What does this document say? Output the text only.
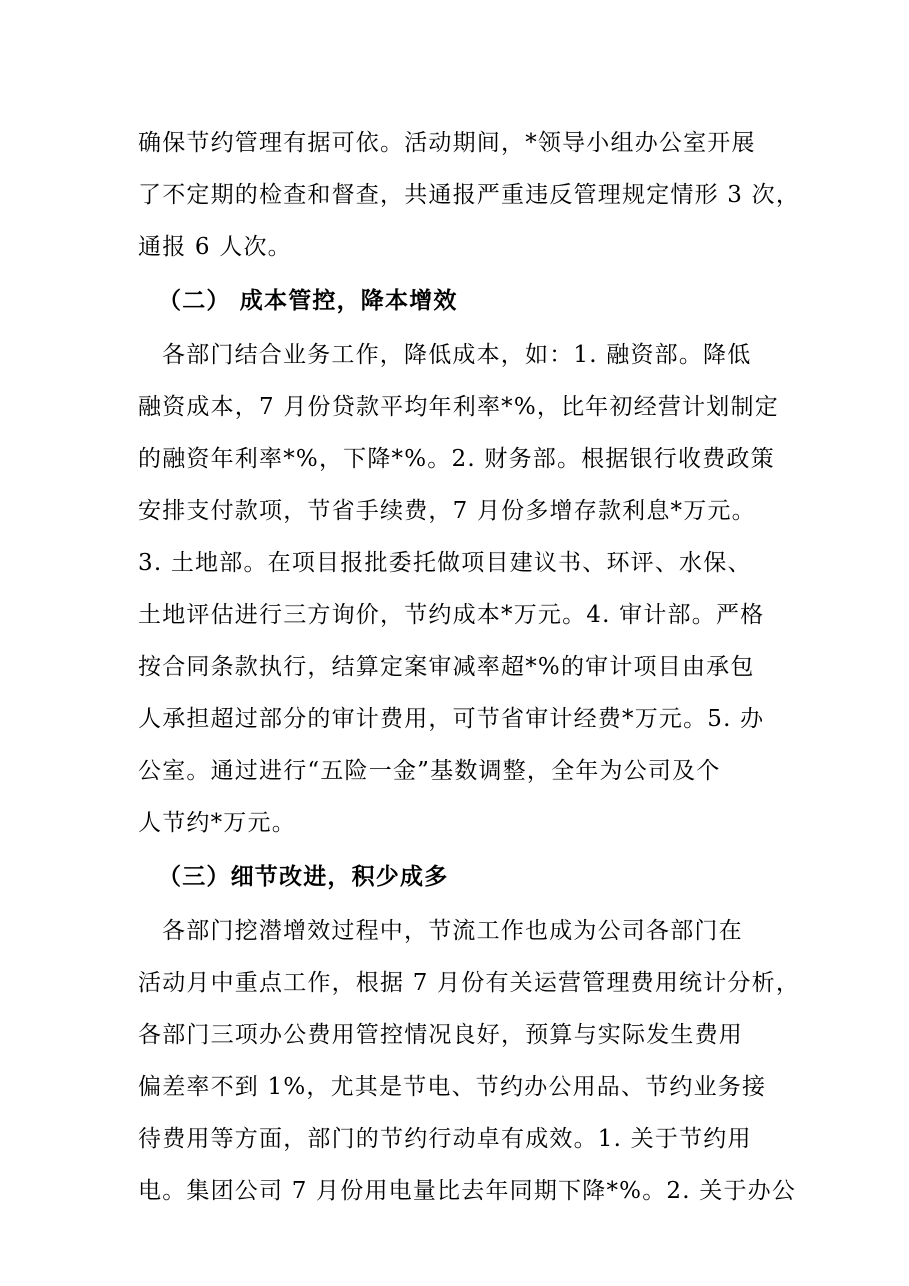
确保节约管理有据可依。活动期间，*领导小组办公室开展
了不定期的检查和督查，共通报严重违反管理规定情形 3 次，
通报 6 人次。
（二） 成本管控，降本增效
各部门结合业务工作，降低成本，如：1. 融资部。降低
融资成本，7 月份贷款平均年利率*%，比年初经营计划制定
的融资年利率*%，下降*%。2. 财务部。根据银行收费政策
安排支付款项，节省手续费，7 月份多增存款利息*万元。
3. 土地部。在项目报批委托做项目建议书、环评、水保、
土地评估进行三方询价，节约成本*万元。4. 审计部。严格
按合同条款执行，结算定案审减率超*%的审计项目由承包
人承担超过部分的审计费用，可节省审计经费*万元。5. 办
公室。通过进行“五险一金”基数调整，全年为公司及个
人节约*万元。
（三）细节改进，积少成多
各部门挖潜增效过程中，节流工作也成为公司各部门在
活动月中重点工作，根据 7 月份有关运营管理费用统计分析，
各部门三项办公费用管控情况良好，预算与实际发生费用
偏差率不到 1%，尤其是节电、节约办公用品、节约业务接
待费用等方面，部门的节约行动卓有成效。1. 关于节约用
电。集团公司 7 月份用电量比去年同期下降*%。2. 关于办公
